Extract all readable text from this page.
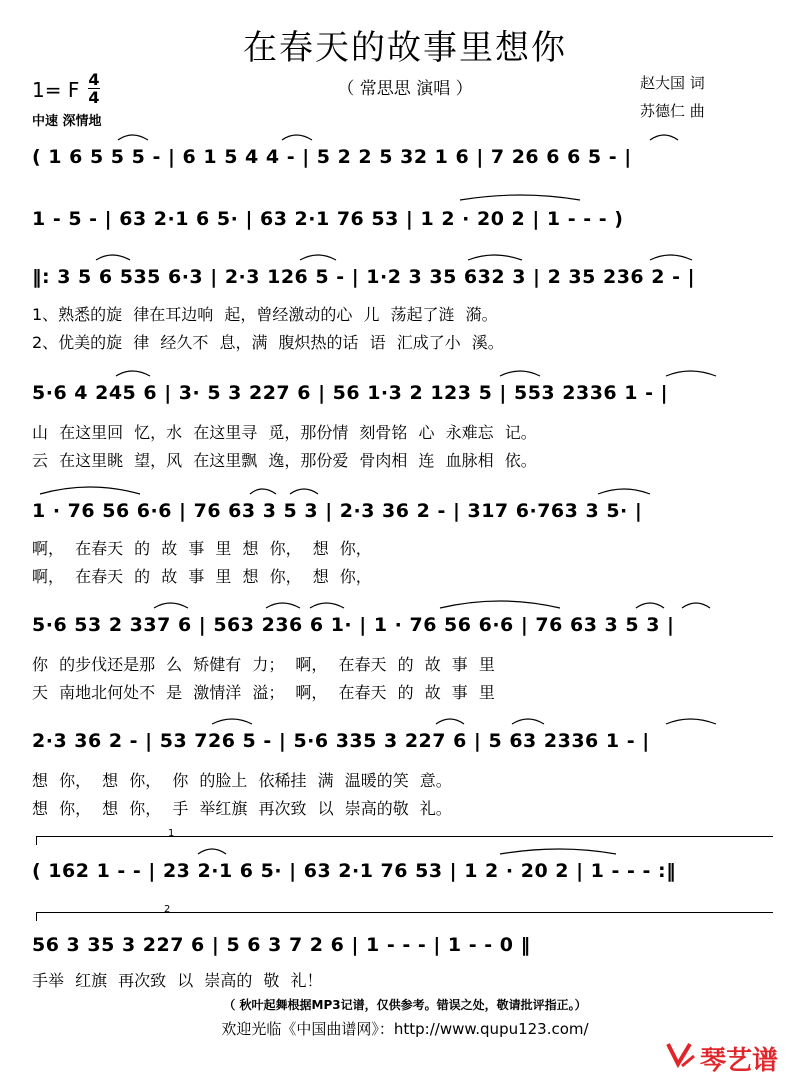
在春天的故事里想你
（ 常思思 演唱 ）
1= F 4
4
中速 深情地
赵大国 词
苏德仁 曲
( 1 6 5 5 5 - | 6 1 5 4 4 - | 5 2 2 5 32 1 6 | 7 26 6 6 5 - |
1 - 5 - | 63 2·1 6 5· | 63 2·1 76 53 | 1 2 · 20 2 | 1 - - - )
‖: 3 5 6 535 6·3 | 2·3 126 5 - | 1·2 3 35 632 3 | 2 35 236 2 - |
1、熟悉的旋 律在耳边响 起，曾经激动的心 儿 荡起了涟 漪。
2、优美的旋 律 经久不 息，满 腹炽热的话 语 汇成了小 溪。
5·6 4 245 6 | 3· 5 3 227 6 | 56 1·3 2 123 5 | 553 2336 1 - |
山 在这里回 忆，水 在这里寻 觅，那份情 刻骨铭 心 永难忘 记。
云 在这里眺 望，风 在这里飘 逸，那份爱 骨肉相 连 血脉相 依。
1 · 76 56 6·6 | 76 63 3 5 3 | 2·3 36 2 - | 317 6·763 3 5· |
啊， 在春天 的 故 事 里 想 你， 想 你，
啊， 在春天 的 故 事 里 想 你， 想 你，
5·6 53 2 337 6 | 563 236 6 1· | 1 · 76 56 6·6 | 76 63 3 5 3 |
你 的步伐还是那 么 矫健有 力； 啊， 在春天 的 故 事 里
天 南地北何处不 是 激情洋 溢； 啊， 在春天 的 故 事 里
2·3 36 2 - | 53 726 5 - | 5·6 335 3 227 6 | 5 63 2336 1 - |
想 你， 想 你， 你 的脸上 依稀挂 满 温暖的笑 意。
想 你， 想 你， 手 举红旗 再次致 以 崇高的敬 礼。
1
( 162 1 - - | 23 2·1 6 5· | 63 2·1 76 53 | 1 2 · 20 2 | 1 - - - :‖
2
56 3 35 3 227 6 | 5 6 3 7 2 6 | 1 - - - | 1 - - 0 ‖
手举 红旗 再次致 以 崇高的 敬 礼！
（ 秋叶起舞根据MP3记谱，仅供参考。错误之处，敬请批评指正。）
欢迎光临《中国曲谱网》：http://www.qupu123.com/
琴艺谱
